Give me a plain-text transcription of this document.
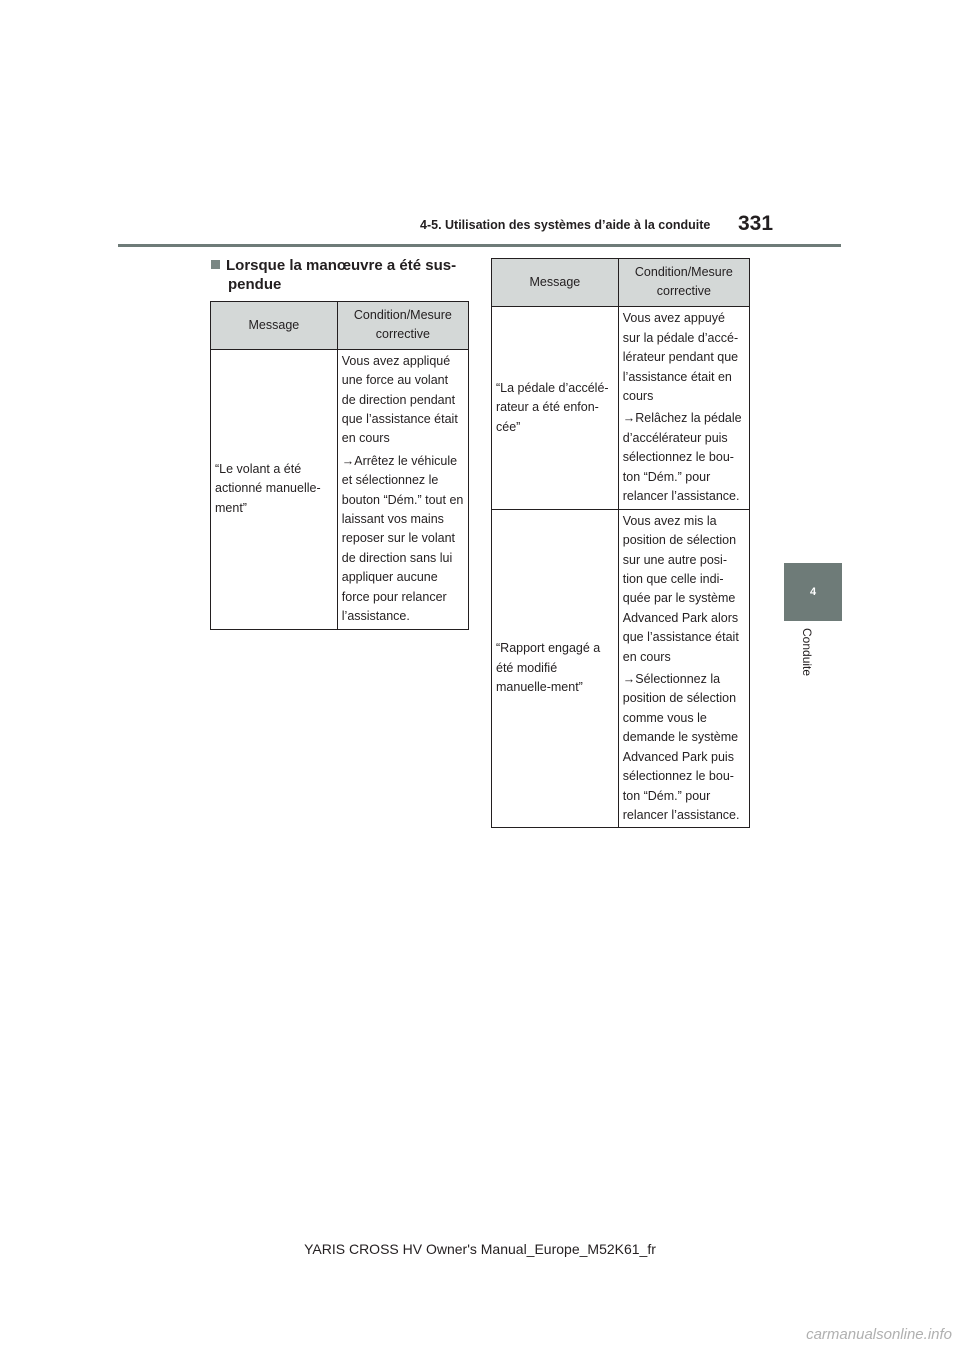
4-5. Utilisation des systèmes d’aide à la conduite 331
4
Conduite
Lorsque la manœuvre a été sus-
pendue
Message	Condition/Mesure corrective

“Le volant a été actionné manuelle-ment”	Vous avez appliqué une force au volant de direction pendant que l’assistance était en cours

→Arrêtez le véhicule et sélectionnez le bouton “Dém.” tout en laissant vos mains reposer sur le volant de direction sans lui appliquer aucune force pour relancer l’assistance.

Message	Condition/Mesure corrective

“La pédale d’accélé-rateur a été enfon-cée”	Vous avez appuyé sur la pédale d’accé-lérateur pendant que l’assistance était en cours

→Relâchez la pédale d’accélérateur puis sélectionnez le bou-ton “Dém.” pour relancer l’assistance.

“Rapport engagé a été modifié manuelle-ment”	Vous avez mis la position de sélection sur une autre posi-tion que celle indi-quée par le système Advanced Park alors que l’assistance était en cours

→Sélectionnez la position de sélection comme vous le demande le système Advanced Park puis sélectionnez le bou-ton “Dém.” pour relancer l’assistance.

YARIS CROSS HV Owner's Manual_Europe_M52K61_fr
carmanualsonline.info
